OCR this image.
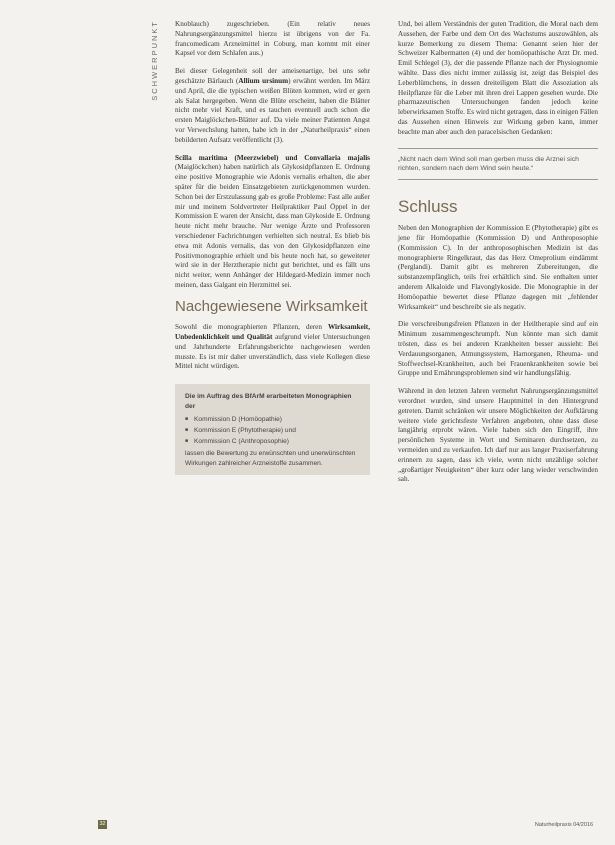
SCHWERPUNKT Knoblauch) zugeschrieben. (Ein relativ neues Nahrungsergänzungsmittel hierzu ist übrigens von der Fa. francomedicam Arzneimittel in Coburg, man kommt mit einer Kapsel vor dem Schlafen aus.)

Bei dieser Gelegenheit soll der ameisenartige, bei uns sehr geschätzte Bärlauch (Allium ursinum) erwähnt werden. Im März und April, die die typischen weißen Blüten kommen, wird er gern als Salat hergegeben. Wenn die Blüte erscheint, haben die Blätter nicht mehr viel Kraft, und es tauchen eventuell auch schon die ersten Maiglöckchen-Blätter auf. Da viele meiner Patienten Angst vor Verwechslung hatten, habe ich in der „Naturheilpraxis“ einen bebilderten Aufsatz veröffentlicht (3).

Scilla maritima (Meerzwiebel) und Convallaria majalis (Maiglöckchen) haben natürlich als Glykosidpflanzen E. Ordnung eine positive Monographie wie Adonis vernalis erhalten, die aber später für die beiden Einsatzgebieten zurückgenommen wurden. Schon bei der Erstzulassung gab es große Probleme: Fast alle außer mir und meinem Soldvertreter Heilpraktiker Paul Öppel in der Kommission E waren der Ansicht, dass man Glykoside E. Ordnung heute nicht mehr brauche. Nur wenige Ärzte und Professoren verschiedener Fachrichtungen verhielten sich neutral. Es blieb bis etwa mit Adonis vernalis, das von den Glykosidpflanzen eine Positivmonographie erhielt und bis heute noch hat, so geweiteter wird sie in der Herztherapie nicht gut berichtet, und es fällt uns nicht weiter, wenn Anhänger der Hildegard-Medizin immer noch meinen, dass Galgant ein Herzmittel sei.

Nachgewiesene Wirksamkeit

Sowohl die monographierten Pflanzen, deren Wirksamkeit, Unbedenklichkeit und Qualität aufgrund vieler Untersuchungen und Jahrhunderte Erfahrungsberichte nachgewiesen werden musste. Es ist mir daher unverständlich, dass viele Kollegen diese Mittel nicht würdigen.

Die im Auftrag des BfArM erarbeiteten Monographien der
■ Kommission D (Homöopathie)
■ Kommission E (Phytotherapie) und
■ Kommission C (Anthroposophie)
lassen die Bewertung zu erwünschten und unerwünschten Wirkungen zahlreicher Arzneistoffe zusammen.

Und, bei allem Verständnis der guten Tradition, die Moral nach dem Aussehen, der Farbe und dem Ort des Wachstums auszuwählen, als kurze Bemerkung zu diesem Thema: Genannt seien hier der Schweizer Kalbermatten (4) und der homöopathische Arzt Dr. med. Emil Schlegel (3), der die passende Pflanze nach der Physiognomie wählte. Dass dies nicht immer zulässig ist, zeigt das Beispiel des Leberblümchens, in dessen dreiteiligem Blatt die Assoziation als Heilpflanze für die Leber mit ihren drei Lappen gesehen wurde. Die pharmazeutischen Untersuchungen fanden jedoch keine leberwirksamen Stoffe. Es wird nicht getragen, dass in einigen Fällen das Aussehen einen Hinweis zur Wirkung geben kann, immer beachte man aber auch den paracelsischen Gedanken:

„Nicht nach dem Wind soll man gerben muss die Arznei sich richten, sondern nach dem Wind sein heute.“
Schluss

Neben den Monographien der Kommission E (Phytotherapie) gibt es jene für Homöopathie (Kommission D) und Anthroposophie (Kommission C). In der anthroposophischen Medizin ist das monographierte Ringelkraut, das das Herz Omeprolium eindämmt (Perglandi). Damit gibt es mehreren Zubereitungen, die substanzempfänglich, teils frei erhältlich sind. Sie enthalten unter anderem Alkaloide und Flavonglykoside. Die Monographie in der Homöopathie bewertet diese Pflanze dagegen mit „fehlender Wirksamkeit“ und beschreibt sie als negativ.

Die verschreibungsfreien Pflanzen in der Heiltherapie sind auf ein Minimum zusammengeschrumpft. Nun könnte man sich damit trösten, dass es bei anderen Krankheiten besser aussieht: Bei Verdauungsorganen, Atmungssystem, Harnorganen, Rheuma- und Stoffwechsel-Krankheiten, auch bei Frauenkrankheiten sowie bei Gruppe und Ernährungsproblemen sind wir handlungsfähig.

Während in den letzten Jahren vermehrt Nahrungsergänzungsmittel verordnet wurden, sind unsere Hauptmittel in den Hintergrund getreten. Damit schränken wir unsere Möglichkeiten der Aufklärung weitere viele gerichtsfeste Verfahren angeboten, ohne dass diese langjährig erprobt wären. Viele haben sich den Eingriff, ihre persönlichen Systeme in Wort und Seminaren durchsetzen, zu vermeiden und zu verkaufen. Ich darf nur aus langer Praxiserfahrung erinnern zu sagen, dass ich viele, wenn nicht unzählige solcher „großartiger Neuigkeiten“ über kurz oder lang wieder verschwinden sah.

32	Naturheilpraxis 04/2016
